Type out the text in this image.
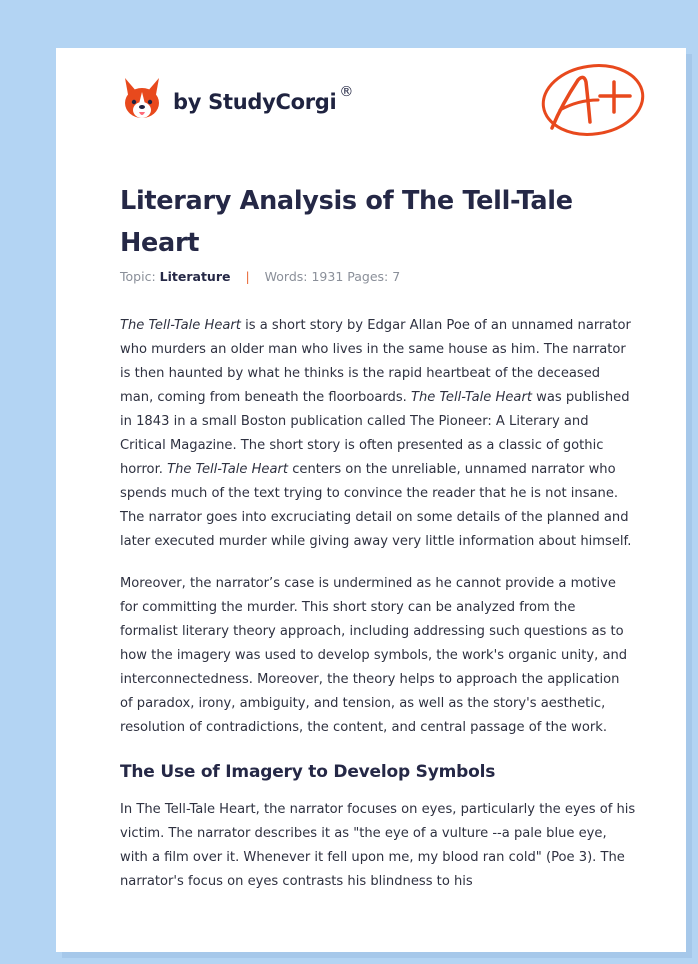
by StudyCorgi ®
Literary Analysis of The Tell-Tale Heart
Topic: Literature | Words: 1931 Pages: 7

The Tell-Tale Heart is a short story by Edgar Allan Poe of an unnamed narrator who murders an older man who lives in the same house as him. The narrator is then haunted by what he thinks is the rapid heartbeat of the deceased man, coming from beneath the floorboards. The Tell-Tale Heart was published in 1843 in a small Boston publication called The Pioneer: A Literary and Critical Magazine. The short story is often presented as a classic of gothic horror. The Tell-Tale Heart centers on the unreliable, unnamed narrator who spends much of the text trying to convince the reader that he is not insane. The narrator goes into excruciating detail on some details of the planned and later executed murder while giving away very little information about himself.

Moreover, the narrator’s case is undermined as he cannot provide a motive for committing the murder. This short story can be analyzed from the formalist literary theory approach, including addressing such questions as to how the imagery was used to develop symbols, the work's organic unity, and interconnectedness. Moreover, the theory helps to approach the application of paradox, irony, ambiguity, and tension, as well as the story's aesthetic, resolution of contradictions, the content, and central passage of the work.

The Use of Imagery to Develop Symbols

In The Tell-Tale Heart, the narrator focuses on eyes, particularly the eyes of his victim. The narrator describes it as "the eye of a vulture --a pale blue eye, with a film over it. Whenever it fell upon me, my blood ran cold" (Poe 3). The narrator's focus on eyes contrasts his blindness to his
